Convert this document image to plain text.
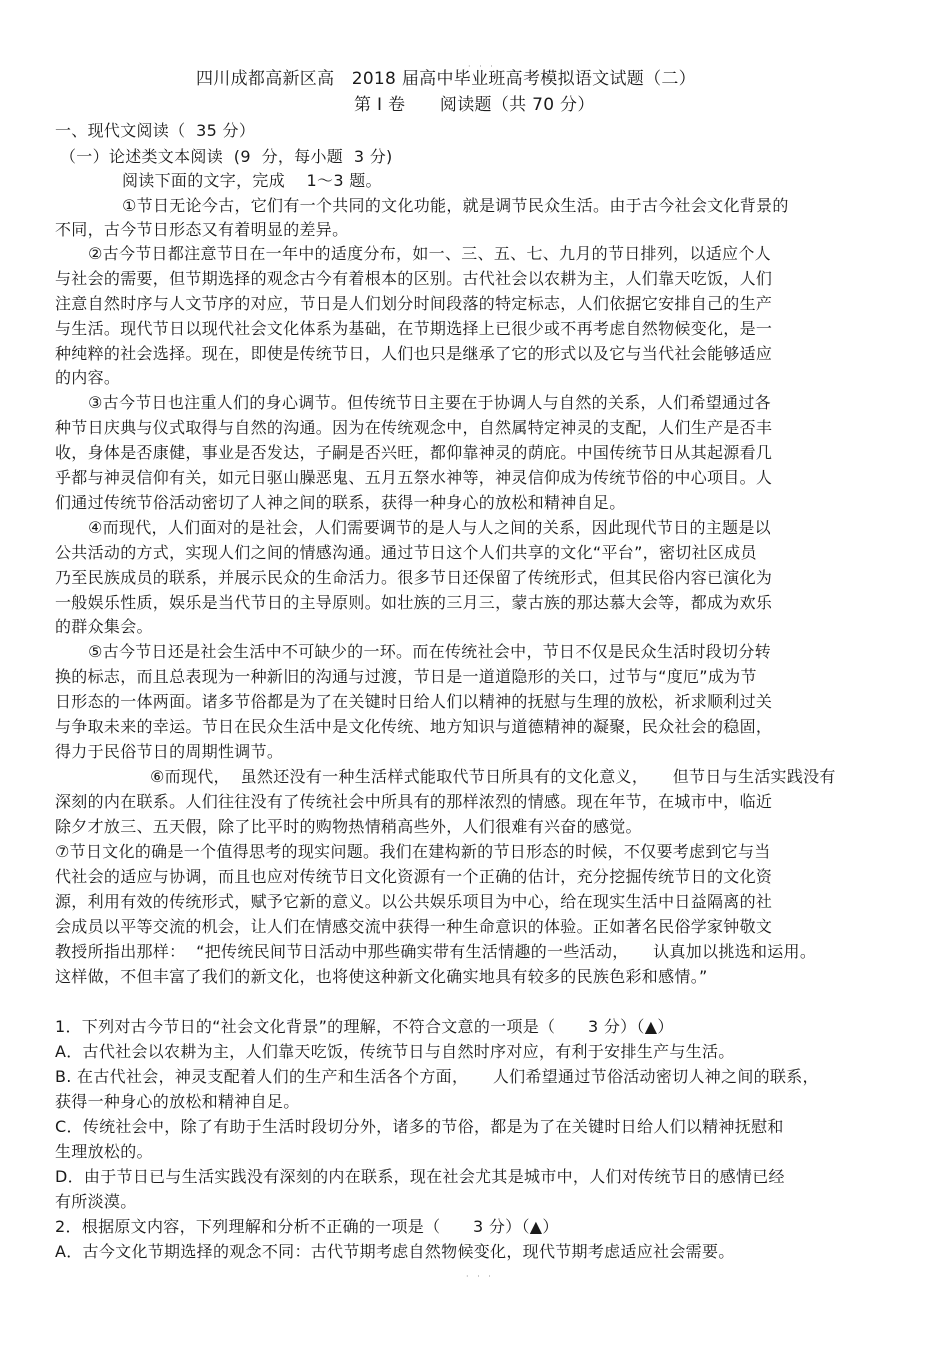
· · ·
四川成都高新区高　2018 届高中毕业班高考模拟语文试题（二）
第 I 卷　　阅读题（共 70 分）
一、现代文阅读（  35 分）
（一）论述类文本阅读  (9  分，每小题  3 分)
阅读下面的文字，完成    1～3 题。
①节日无论今古，它们有一个共同的文化功能，就是调节民众生活。由于古今社会文化背景的
不同，古今节日形态又有着明显的差异。
②古今节日都注意节日在一年中的适度分布，如一、三、五、七、九月的节日排列，以适应个人
与社会的需要，但节期选择的观念古今有着根本的区别。古代社会以农耕为主，人们靠天吃饭，人们
注意自然时序与人文节序的对应，节日是人们划分时间段落的特定标志，人们依据它安排自己的生产
与生活。现代节日以现代社会文化体系为基础，在节期选择上已很少或不再考虑自然物候变化，是一
种纯粹的社会选择。现在，即使是传统节日，人们也只是继承了它的形式以及它与当代社会能够适应
的内容。
③古今节日也注重人们的身心调节。但传统节日主要在于协调人与自然的关系，人们希望通过各
种节日庆典与仪式取得与自然的沟通。因为在传统观念中，自然属特定神灵的支配，人们生产是否丰
收，身体是否康健，事业是否发达，子嗣是否兴旺，都仰靠神灵的荫庇。中国传统节日从其起源看几
乎都与神灵信仰有关，如元日驱山臊恶鬼、五月五祭水神等，神灵信仰成为传统节俗的中心项目。人
们通过传统节俗活动密切了人神之间的联系，获得一种身心的放松和精神自足。
④而现代，人们面对的是社会，人们需要调节的是人与人之间的关系，因此现代节日的主题是以
公共活动的方式，实现人们之间的情感沟通。通过节日这个人们共享的文化“平台”，密切社区成员
乃至民族成员的联系，并展示民众的生命活力。很多节日还保留了传统形式，但其民俗内容已演化为
一般娱乐性质，娱乐是当代节日的主导原则。如壮族的三月三，蒙古族的那达慕大会等，都成为欢乐
的群众集会。
⑤古今节日还是社会生活中不可缺少的一环。而在传统社会中，节日不仅是民众生活时段切分转
换的标志，而且总表现为一种新旧的沟通与过渡，节日是一道道隐形的关口，过节与“度厄”成为节
日形态的一体两面。诸多节俗都是为了在关键时日给人们以精神的抚慰与生理的放松，祈求顺利过关
与争取未来的幸运。节日在民众生活中是文化传统、地方知识与道德精神的凝聚，民众社会的稳固，
得力于民俗节日的周期性调节。
⑥而现代，  虽然还没有一种生活样式能取代节日所具有的文化意义，　　但节日与生活实践没有
深刻的内在联系。人们往往没有了传统社会中所具有的那样浓烈的情感。现在年节，在城市中，临近
除夕才放三、五天假，除了比平时的购物热情稍高些外，人们很难有兴奋的感觉。
⑦节日文化的确是一个值得思考的现实问题。我们在建构新的节日形态的时候，不仅要考虑到它与当
代社会的适应与协调，而且也应对传统节日文化资源有一个正确的估计，充分挖掘传统节日的文化资
源，利用有效的传统形式，赋予它新的意义。以公共娱乐项目为中心，给在现实生活中日益隔离的社
会成员以平等交流的机会，让人们在情感交流中获得一种生命意识的体验。正如著名民俗学家钟敬文
教授所指出那样：  “把传统民间节日活动中那些确实带有生活情趣的一些活动，　　认真加以挑选和运用。
这样做，不但丰富了我们的新文化，也将使这种新文化确实地具有较多的民族色彩和感情。”
1．下列对古今节日的“社会文化背景”的理解，不符合文意的一项是（　　3 分）（▲）
A．古代社会以农耕为主，人们靠天吃饭，传统节日与自然时序对应，有利于安排生产与生活。
B. 在古代社会，神灵支配着人们的生产和生活各个方面，　　人们希望通过节俗活动密切人神之间的联系，
获得一种身心的放松和精神自足。
C．传统社会中，除了有助于生活时段切分外，诸多的节俗，都是为了在关键时日给人们以精神抚慰和
生理放松的。
D．由于节日已与生活实践没有深刻的内在联系，现在社会尤其是城市中，人们对传统节日的感情已经
有所淡漠。
2．根据原文内容，下列理解和分析不正确的一项是（　　3 分）（▲）
A．古今文化节期选择的观念不同：古代节期考虑自然物候变化，现代节期考虑适应社会需要。
· · ·
